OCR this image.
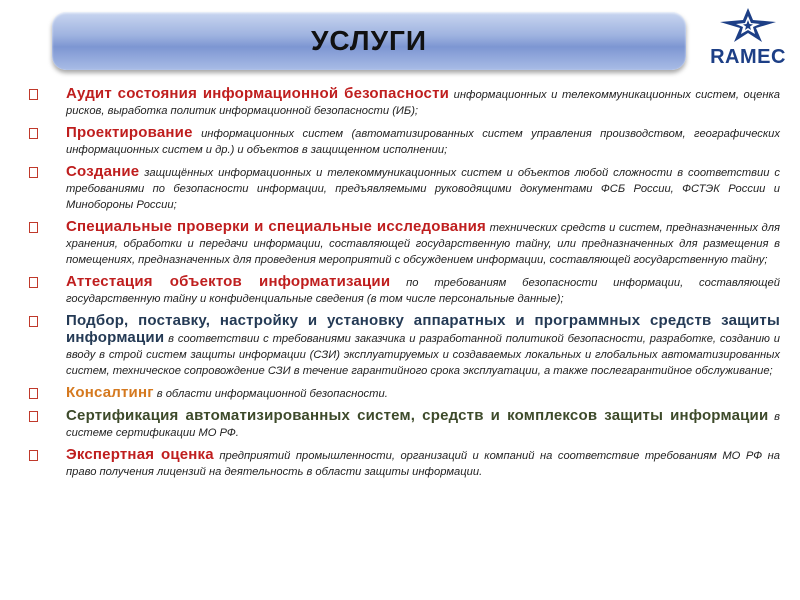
УСЛУГИ
RAMEC
Аудит состояния информационной безопасности информационных и телекоммуникационных систем, оценка рисков, выработка политик информационной безопасности (ИБ);
Проектирование информационных систем (автоматизированных систем управления производством, географических информационных систем и др.) и объектов в защищенном исполнении;
Создание защищённых информационных и телекоммуникационных систем и объектов любой сложности в соответствии с требованиями по безопасности информации, предъявляемыми руководящими документами ФСБ России, ФСТЭК России и Минобороны России;
Специальные проверки и специальные исследования технических средств и систем, предназначенных для хранения, обработки и передачи информации, составляющей государственную тайну, или предназначенных для размещения в помещениях, предназначенных для проведения мероприятий с обсуждением информации, составляющей государственную тайну;
Аттестация объектов информатизации по требованиям безопасности информации, составляющей государственную тайну и конфиденциальные сведения (в том числе персональные данные);
Подбор, поставку, настройку и установку аппаратных и программных средств защиты информации в соответствии с требованиями заказчика и разработанной политикой безопасности, разработке, созданию и вводу в строй систем защиты информации (СЗИ) эксплуатируемых и создаваемых локальных и глобальных автоматизированных систем, техническое сопровождение СЗИ в течение гарантийного срока эксплуатации, а также послегарантийное обслуживание;
Консалтинг в области информационной безопасности.
Сертификация автоматизированных систем, средств и комплексов защиты информации в системе сертификации МО РФ.
Экспертная оценка предприятий промышленности, организаций и компаний на соответствие требованиям МО РФ на право получения лицензий на деятельность в области защиты информации.
